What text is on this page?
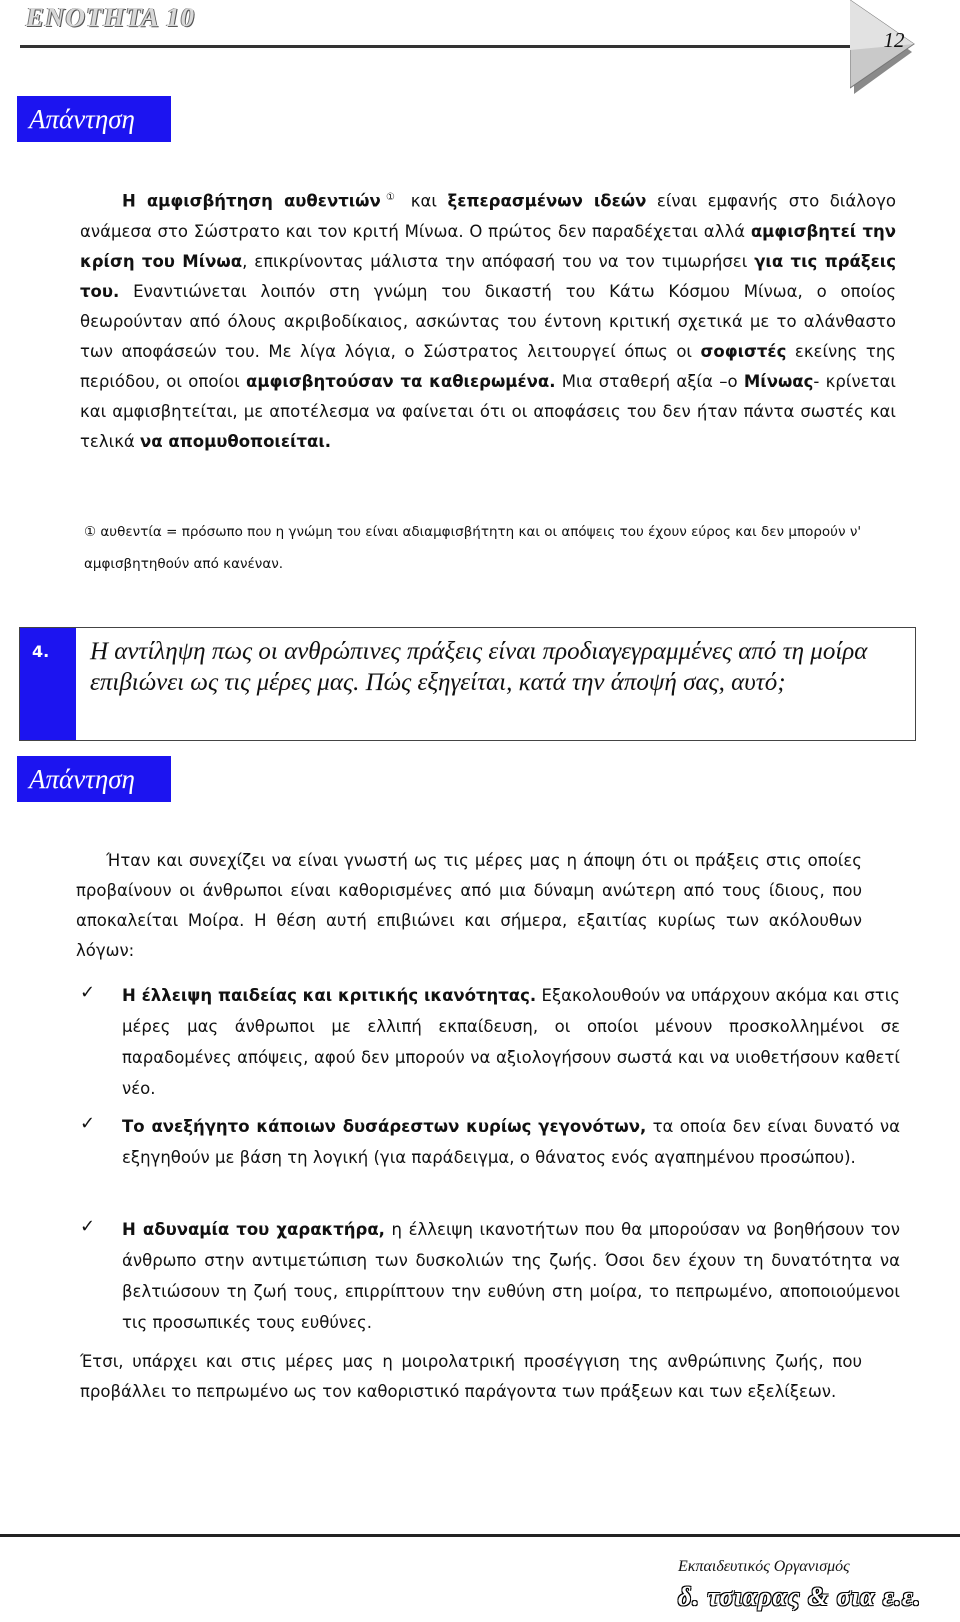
ΕΝΟΤΗΤΑ 10
12
Απάντηση
Η αμφισβήτηση αυθεντιών① και ξεπερασμένων ιδεών είναι εμφανής στο διάλογο ανάμεσα στο Σώστρατο και τον κριτή Μίνωα. Ο πρώτος δεν παραδέχεται αλλά αμφισβητεί την κρίση του Μίνωα, επικρίνοντας μάλιστα την απόφασή του να τον τιμωρήσει για τις πράξεις του. Εναντιώνεται λοιπόν στη γνώμη του δικαστή του Κάτω Κόσμου Μίνωα, ο οποίος θεωρούνταν από όλους ακριβοδίκαιος, ασκώντας του έντονη κριτική σχετικά με το αλάνθαστο των αποφάσεών του. Με λίγα λόγια, ο Σώστρατος λειτουργεί όπως οι σοφιστές εκείνης της περιόδου, οι οποίοι αμφισβητούσαν τα καθιερωμένα. Μια σταθερή αξία –ο Μίνωας- κρίνεται και αμφισβητείται, με αποτέλεσμα να φαίνεται ότι οι αποφάσεις του δεν ήταν πάντα σωστές και τελικά να απομυθοποιείται.
① αυθεντία = πρόσωπο που η γνώμη του είναι αδιαμφισβήτητη και οι απόψεις του έχουν εύρος και δεν μπορούν ν' αμφισβητηθούν από κανέναν.
4. Η αντίληψη πως οι ανθρώπινες πράξεις είναι προδιαγεγραμμένες από τη μοίρα επιβιώνει ως τις μέρες μας. Πώς εξηγείται, κατά την άποψή σας, αυτό;
Απάντηση
Ήταν και συνεχίζει να είναι γνωστή ως τις μέρες μας η άποψη ότι οι πράξεις στις οποίες προβαίνουν οι άνθρωποι είναι καθορισμένες από μια δύναμη ανώτερη από τους ίδιους, που αποκαλείται Μοίρα. Η θέση αυτή επιβιώνει και σήμερα, εξαιτίας κυρίως των ακόλουθων λόγων:
✓ Η έλλειψη παιδείας και κριτικής ικανότητας. Εξακολουθούν να υπάρχουν ακόμα και στις μέρες μας άνθρωποι με ελλιπή εκπαίδευση, οι οποίοι μένουν προσκολλημένοι σε παραδομένες απόψεις, αφού δεν μπορούν να αξιολογήσουν σωστά και να υιοθετήσουν καθετί νέο.
✓ Το ανεξήγητο κάποιων δυσάρεστων κυρίως γεγονότων, τα οποία δεν είναι δυνατό να εξηγηθούν με βάση τη λογική (για παράδειγμα, ο θάνατος ενός αγαπημένου προσώπου).
✓ Η αδυναμία του χαρακτήρα, η έλλειψη ικανοτήτων που θα μπορούσαν να βοηθήσουν τον άνθρωπο στην αντιμετώπιση των δυσκολιών της ζωής. Όσοι δεν έχουν τη δυνατότητα να βελτιώσουν τη ζωή τους, επιρρίπτουν την ευθύνη στη μοίρα, το πεπρωμένο, αποποιούμενοι τις προσωπικές τους ευθύνες.
Έτσι, υπάρχει και στις μέρες μας η μοιρολατρική προσέγγιση της ανθρώπινης ζωής, που προβάλλει το πεπρωμένο ως τον καθοριστικό παράγοντα των πράξεων και των εξελίξεων.
Εκπαιδευτικός Οργανισμός
δ. τσιαρας & σια ε.ε.
